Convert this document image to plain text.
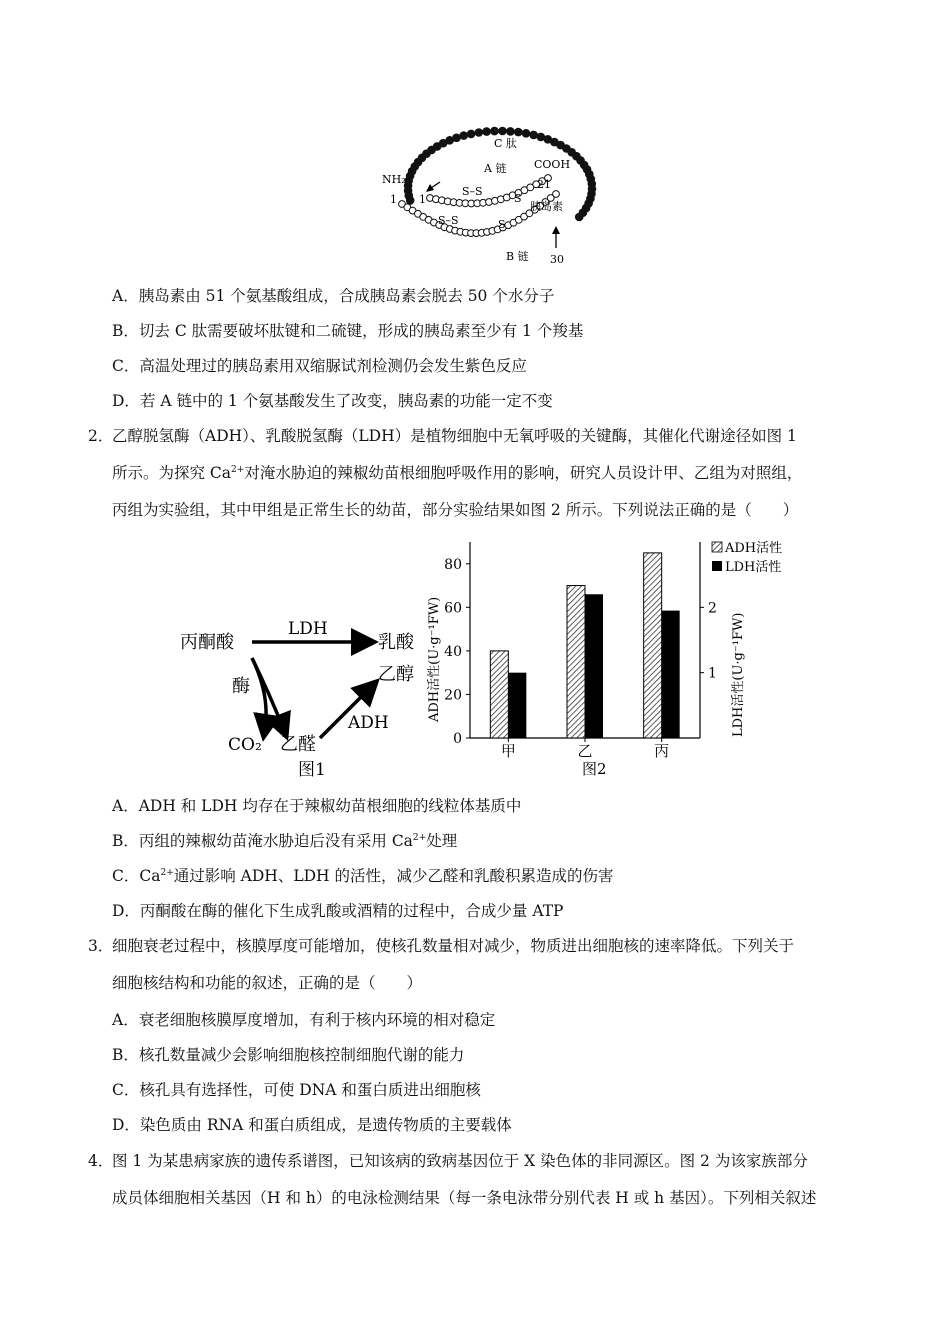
C 肽
A 链	COOH
NH₂
1 1
S–S
S–S
21
S
S
胰岛素
B 链 30
A．胰岛素由 51 个氨基酸组成，合成胰岛素会脱去 50 个水分子
B．切去 C 肽需要破坏肽键和二硫键，形成的胰岛素至少有 1 个羧基
C．高温处理过的胰岛素用双缩脲试剂检测仍会发生紫色反应
D．若 A 链中的 1 个氨基酸发生了改变，胰岛素的功能一定不变
2．
乙醇脱氢酶（ADH）、乳酸脱氢酶（LDH）是植物细胞中无氧呼吸的关键酶，其催化代谢途径如图 1
所示。为探究 $Ca^{2+}$对淹水胁迫的辣椒幼苗根细胞呼吸作用的影响，研究人员设计甲、乙组为对照组，
丙组为实验组，其中甲组是正常生长的幼苗，部分实验结果如图 2 所示。下列说法正确的是（　　）
丙酮酸
LDH
乳酸
乙醇
酶
ADH
CO₂ 乙醛
图1
0
20
40
60
80
1
2
甲	乙	丙
ADH活性(U·g⁻¹FW)	LDH活性(U·g⁻¹FW)
ADH活性
LDH活性
图2
A．ADH 和 LDH 均存在于辣椒幼苗根细胞的线粒体基质中
B．丙组的辣椒幼苗淹水胁迫后没有采用 $Ca^{2+}$处理
C．$Ca^{2+}$通过影响 ADH、LDH 的活性，减少乙醛和乳酸积累造成的伤害
D．丙酮酸在酶的催化下生成乳酸或酒精的过程中，合成少量 ATP
3．
细胞衰老过程中，核膜厚度可能增加，使核孔数量相对减少，物质进出细胞核的速率降低。下列关于
细胞核结构和功能的叙述，正确的是（　　）
A．衰老细胞核膜厚度增加，有利于核内环境的相对稳定
B．核孔数量减少会影响细胞核控制细胞代谢的能力
C．核孔具有选择性，可使 DNA 和蛋白质进出细胞核
D．染色质由 RNA 和蛋白质组成，是遗传物质的主要载体
4．
图 1 为某患病家族的遗传系谱图，已知该病的致病基因位于 X 染色体的非同源区。图 2 为该家族部分
成员体细胞相关基因（H 和 h）的电泳检测结果（每一条电泳带分别代表 H 或 h 基因）。下列相关叙述
